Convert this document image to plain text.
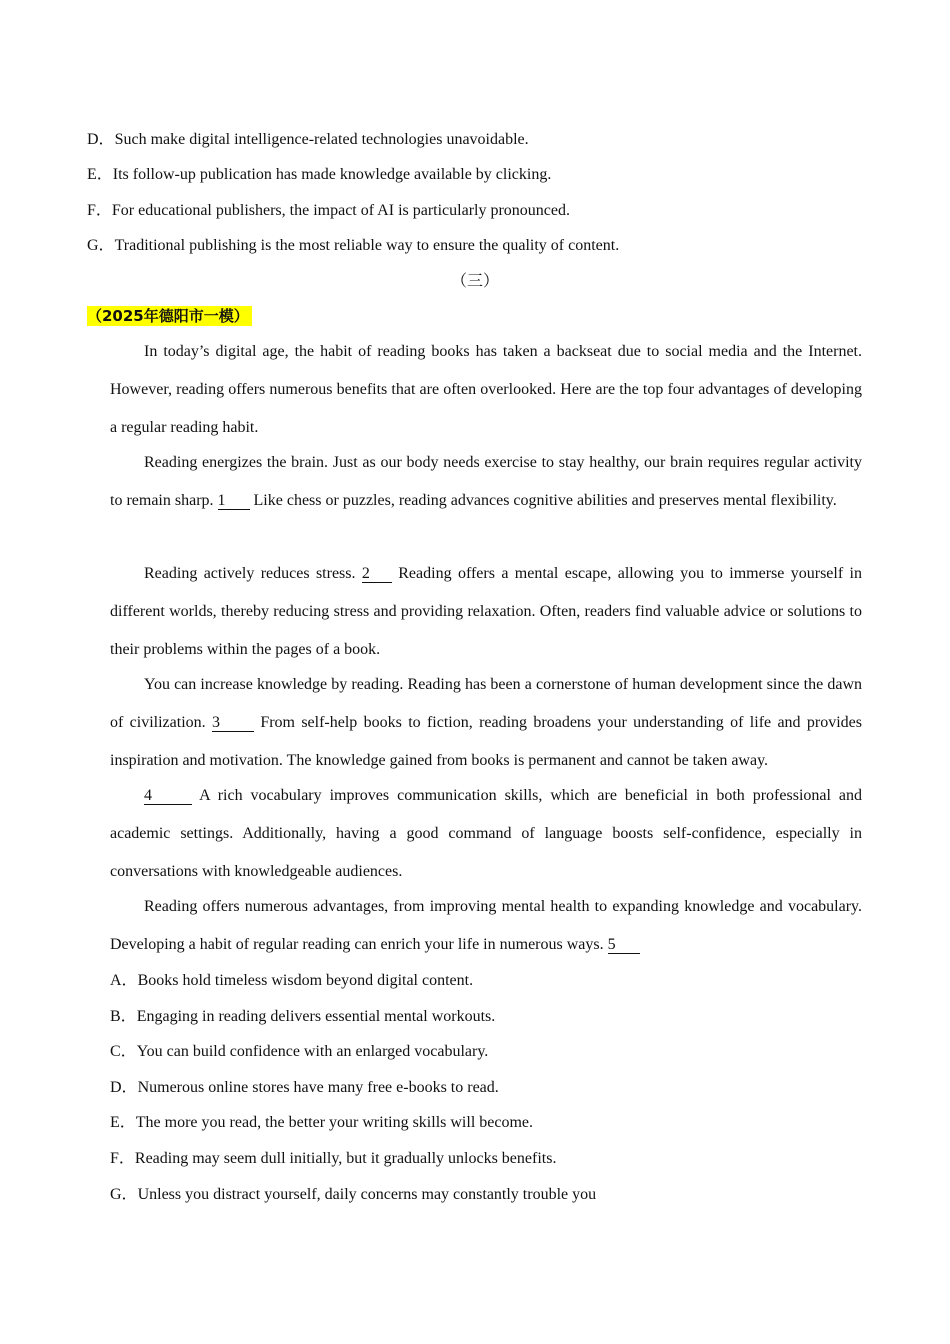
D．Such make digital intelligence-related technologies unavoidable.
E．Its follow-up publication has made knowledge available by clicking.
F．For educational publishers, the impact of AI is particularly pronounced.
G．Traditional publishing is the most reliable way to ensure the quality of content.
（三）
（2025年德阳市一模）
In today’s digital age, the habit of reading books has taken a backseat due to social media and the Internet. However, reading offers numerous benefits that are often overlooked. Here are the top four advantages of developing a regular reading habit.
Reading energizes the brain. Just as our body needs exercise to stay healthy, our brain requires regular activity to remain sharp. 1 Like chess or puzzles, reading advances cognitive abilities and preserves mental flexibility.
Reading actively reduces stress. 2 Reading offers a mental escape, allowing you to immerse yourself in different worlds, thereby reducing stress and providing relaxation. Often, readers find valuable advice or solutions to their problems within the pages of a book.
You can increase knowledge by reading. Reading has been a cornerstone of human development since the dawn of civilization. 3 From self-help books to fiction, reading broadens your understanding of life and provides inspiration and motivation. The knowledge gained from books is permanent and cannot be taken away.
4	A rich vocabulary improves communication skills, which are beneficial in both professional and academic settings. Additionally, having a good command of language boosts self-confidence, especially in conversations with knowledgeable audiences.
Reading offers numerous advantages, from improving mental health to expanding knowledge and vocabulary. Developing a habit of regular reading can enrich your life in numerous ways. 5
A．Books hold timeless wisdom beyond digital content.
B．Engaging in reading delivers essential mental workouts.
C．You can build confidence with an enlarged vocabulary.
D．Numerous online stores have many free e-books to read.
E．The more you read, the better your writing skills will become.
F．Reading may seem dull initially, but it gradually unlocks benefits.
G．Unless you distract yourself, daily concerns may constantly trouble you
